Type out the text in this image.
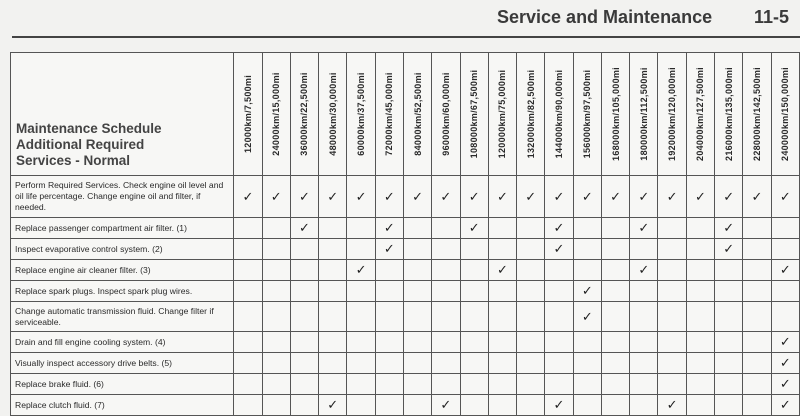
Service and Maintenance 11-5
Maintenance Schedule
Additional Required
Services - Normal	12000km/7,500mi	24000km/15,000mi	36000km/22,500mi	48000km/30,000mi	60000km/37,500mi	72000km/45,000mi	84000km/52,500mi	96000km/60,000mi	108000km/67,500mi	120000km/75,000mi	132000km/82,500mi	144000km/90,000mi	156000km/97,500mi	168000km/105,000mi	180000km/112,500mi	192000km/120,000mi	204000km/127,500mi	216000km/135,000mi	228000km/142,500mi	240000km/150,000mi

Perform Required Services. Check engine oil level and oil life percentage. Change engine oil and filter, if needed.	✓	✓	✓	✓	✓	✓	✓	✓	✓	✓	✓	✓	✓	✓	✓	✓	✓	✓	✓	✓
Replace passenger compartment air filter. (1)			✓			✓			✓			✓			✓			✓		
Inspect evaporative control system. (2)						✓						✓						✓		
Replace engine air cleaner filter. (3)					✓					✓					✓					✓
Replace spark plugs. Inspect spark plug wires.													✓							
Change automatic transmission fluid. Change filter if serviceable.													✓							
Drain and fill engine cooling system. (4)																				✓
Visually inspect accessory drive belts. (5)																				✓
Replace brake fluid. (6)																				✓
Replace clutch fluid. (7)				✓				✓				✓				✓				✓
